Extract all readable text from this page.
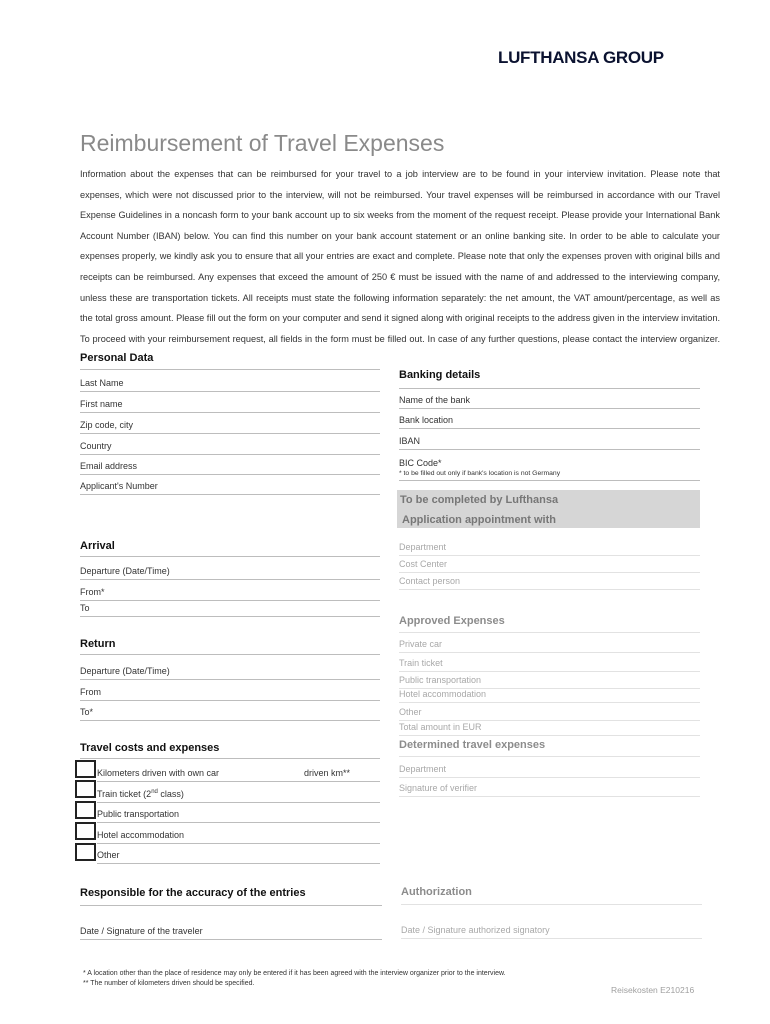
LUFTHANSA GROUP
Reimbursement of Travel Expenses

Information about the expenses that can be reimbursed for your travel to a job interview are to be found in your interview invitation. Please note that expenses, which were not discussed prior to the interview, will not be reimbursed. Your travel expenses will be reimbursed in accordance with our Travel Expense Guidelines in a noncash form to your bank account up to six weeks from the moment of the request receipt. Please provide your International Bank Account Number (IBAN) below. You can find this number on your bank account statement or an online banking site. In order to be able to calculate your expenses properly, we kindly ask you to ensure that all your entries are exact and complete. Please note that only the expenses proven with original bills and receipts can be reimbursed. Any expenses that exceed the amount of 250 € must be issued with the name of and addressed to the interviewing company, unless these are transportation tickets. All receipts must state the following information separately: the net amount, the VAT amount/percentage, as well as the total gross amount. Please fill out the form on your computer and send it signed along with original receipts to the address given in the interview invitation. To proceed with your reimbursement request, all fields in the form must be filled out. In case of any further questions, please contact the interview organizer.

Personal Data
Last Name
First name
Zip code, city
Country
Email address
Applicant's Number
Banking details
Name of the bank
Bank location
IBAN
BIC Code*
* to be filled out only if bank's location is not Germany
To be completed by Lufthansa
Application appointment with
Department
Cost Center
Contact person
Arrival
Departure (Date/Time)
From*
To
Approved Expenses
Private car
Train ticket
Public transportation
Hotel accommodation
Other
Total amount in EUR
Return
Departure (Date/Time)
From
To*
Determined travel expenses
Department
Signature of verifier
Travel costs and expenses
Kilometers driven with own car	driven km**
Train ticket (2nd class)
Public transportation
Hotel accommodation
Other
Responsible for the accuracy of the entries
Date / Signature of the traveler
Authorization
Date / Signature authorized signatory
* A location other than the place of residence may only be entered if it has been agreed with the interview organizer prior to the interview.
** The number of kilometers driven should be specified.
Reisekosten E210216
